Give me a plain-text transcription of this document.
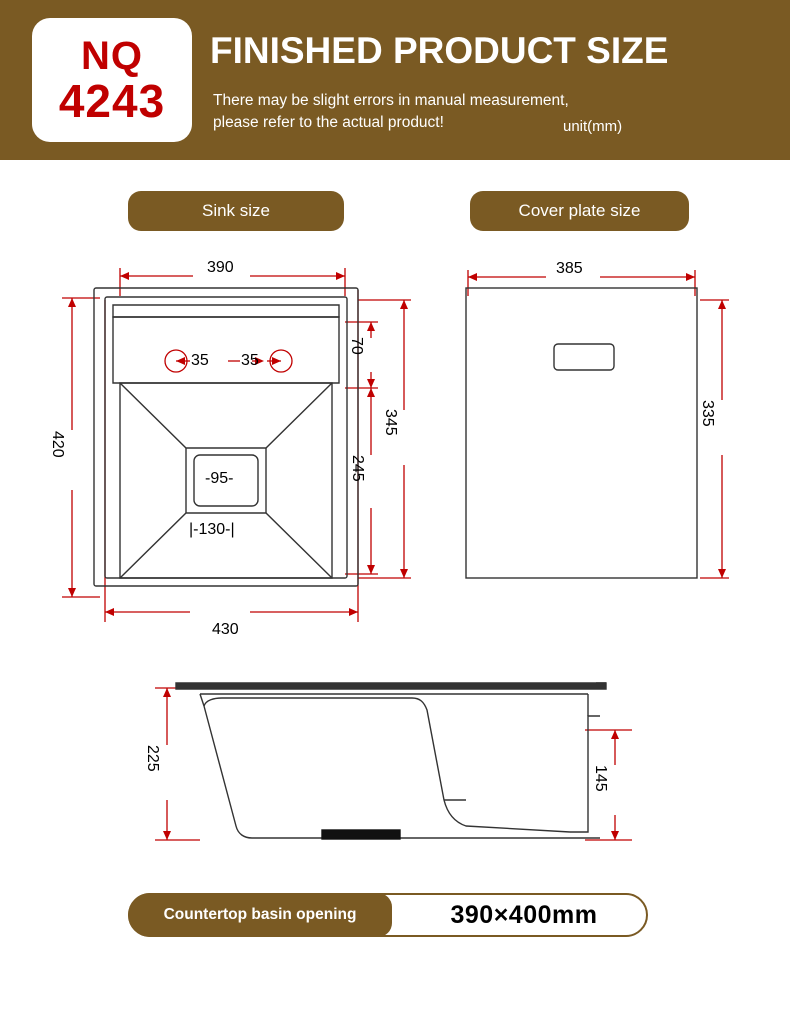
NQ
4243
FINISHED PRODUCT SIZE
There may be slight errors in manual measurement,
please refer to the actual product!	unit(mm)
Sink size	Cover plate size
390
430
420
70
245
345
35 35
-95-
|-130-|
385
335
225
145
390×400mm
Countertop basin opening
